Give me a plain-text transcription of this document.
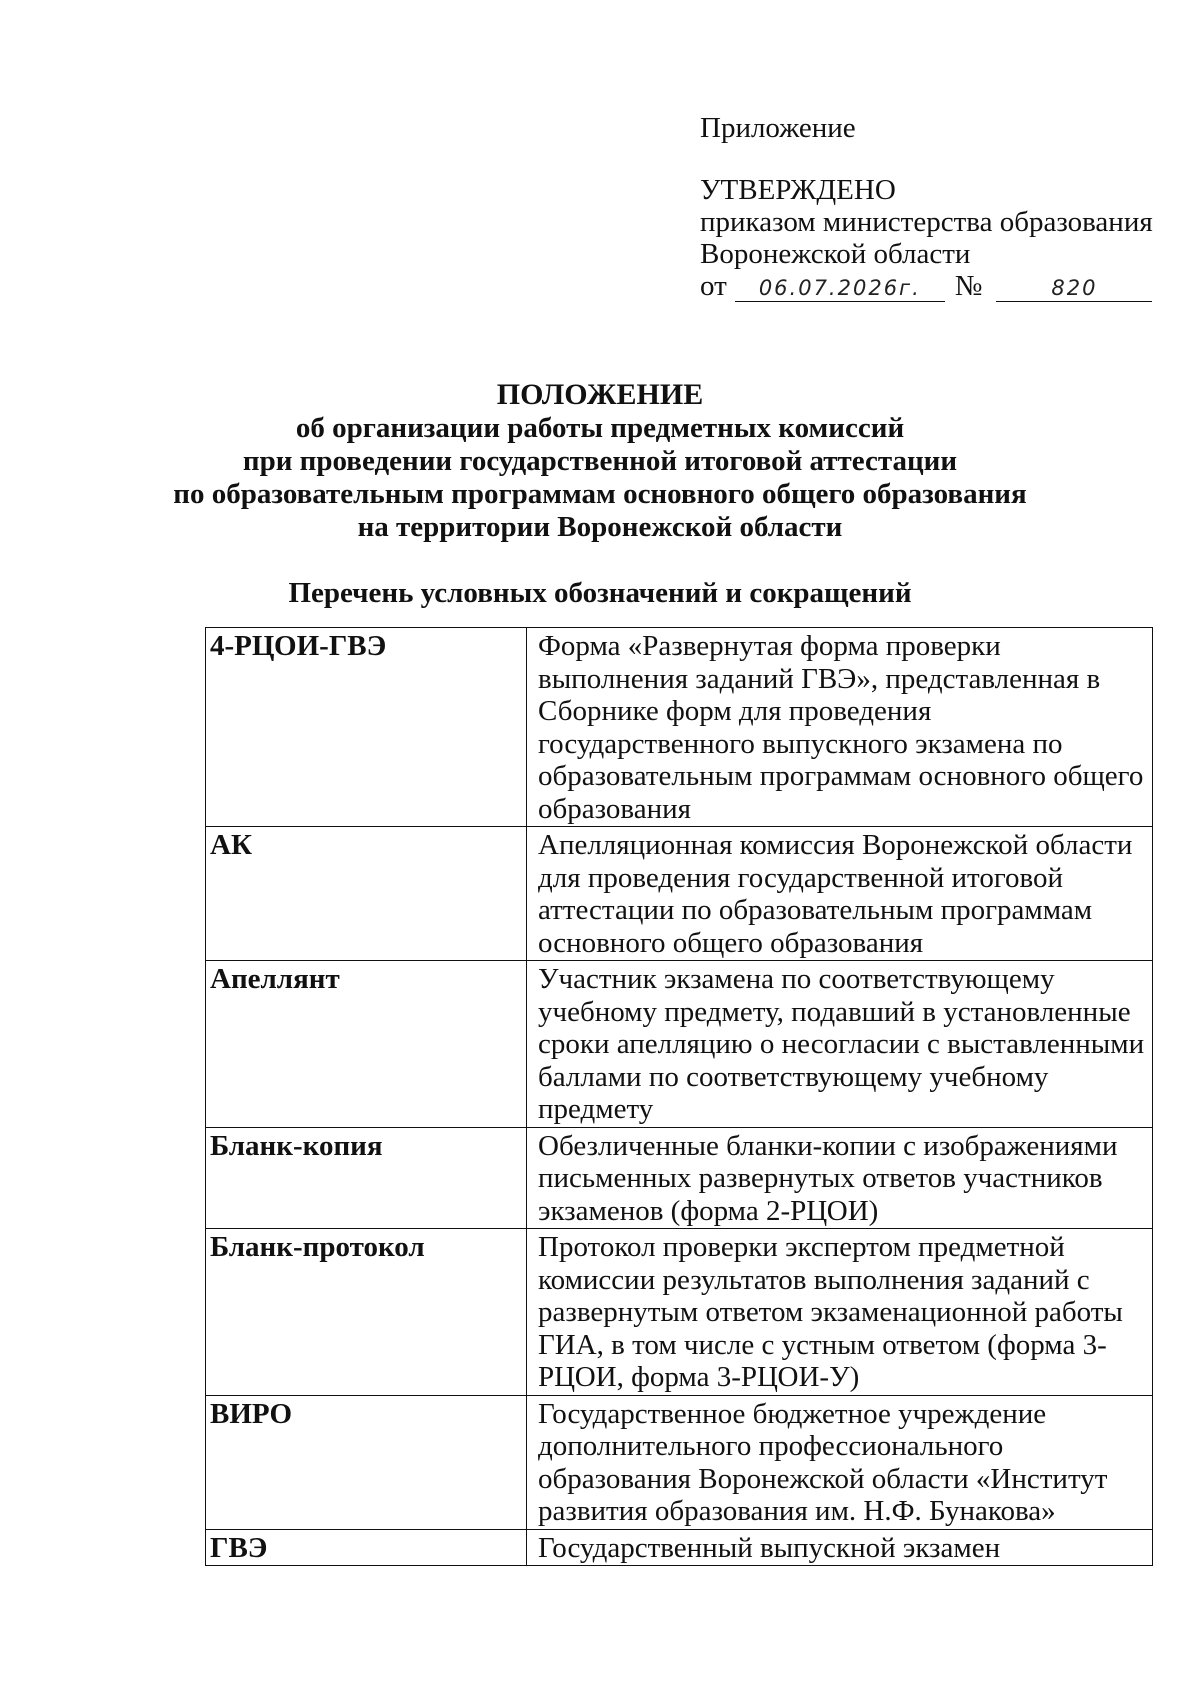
Приложение
УТВЕРЖДЕНО
приказом министерства образования
Воронежской области
от	06.07.2026г.	№	820
ПОЛОЖЕНИЕ
об организации работы предметных комиссий
при проведении государственной итоговой аттестации
по образовательным программам основного общего образования
на территории Воронежской области
Перечень условных обозначений и сокращений
4-РЦОИ-ГВЭ	Форма «Развернутая форма проверки выполнения заданий ГВЭ», представленная в Сборнике форм для проведения государственного выпускного экзамена по образовательным программам основного общего образования
АК	Апелляционная комиссия Воронежской области для проведения государственной итоговой аттестации по образовательным программам основного общего образования
Апеллянт	Участник экзамена по соответствующему учебному предмету, подавший в установленные сроки апелляцию о несогласии с выставленными баллами по соответствующему учебному предмету
Бланк-копия	Обезличенные бланки-копии с изображениями письменных развернутых ответов участников экзаменов (форма 2-РЦОИ)
Бланк-протокол	Протокол проверки экспертом предметной комиссии результатов выполнения заданий с развернутым ответом экзаменационной работы ГИА, в том числе с устным ответом (форма 3-РЦОИ, форма 3-РЦОИ-У)
ВИРО	Государственное бюджетное учреждение дополнительного профессионального образования Воронежской области «Институт развития образования им. Н.Ф. Бунакова»
ГВЭ	Государственный выпускной экзамен
